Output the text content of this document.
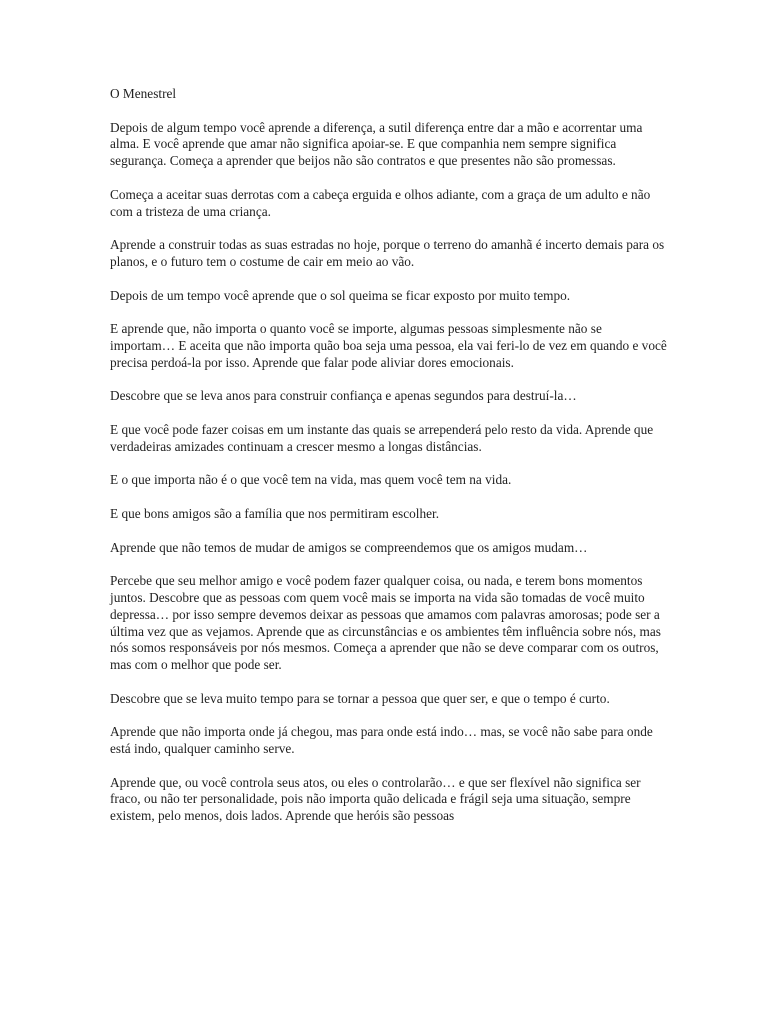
O Menestrel

Depois de algum tempo você aprende a diferença, a sutil diferença entre dar a mão e acorrentar uma alma. E você aprende que amar não significa apoiar-se. E que companhia nem sempre significa segurança. Começa a aprender que beijos não são contratos e que presentes não são promessas.

Começa a aceitar suas derrotas com a cabeça erguida e olhos adiante, com a graça de um adulto e não com a tristeza de uma criança.

Aprende a construir todas as suas estradas no hoje, porque o terreno do amanhã é incerto demais para os planos, e o futuro tem o costume de cair em meio ao vão.

Depois de um tempo você aprende que o sol queima se ficar exposto por muito tempo.

E aprende que, não importa o quanto você se importe, algumas pessoas simplesmente não se importam… E aceita que não importa quão boa seja uma pessoa, ela vai feri-lo de vez em quando e você precisa perdoá-la por isso. Aprende que falar pode aliviar dores emocionais.

Descobre que se leva anos para construir confiança e apenas segundos para destruí-la…

E que você pode fazer coisas em um instante das quais se arrependerá pelo resto da vida. Aprende que verdadeiras amizades continuam a crescer mesmo a longas distâncias.

E o que importa não é o que você tem na vida, mas quem você tem na vida.

E que bons amigos são a família que nos permitiram escolher.

Aprende que não temos de mudar de amigos se compreendemos que os amigos mudam…

Percebe que seu melhor amigo e você podem fazer qualquer coisa, ou nada, e terem bons momentos juntos. Descobre que as pessoas com quem você mais se importa na vida são tomadas de você muito depressa… por isso sempre devemos deixar as pessoas que amamos com palavras amorosas; pode ser a última vez que as vejamos. Aprende que as circunstâncias e os ambientes têm influência sobre nós, mas nós somos responsáveis por nós mesmos. Começa a aprender que não se deve comparar com os outros, mas com o melhor que pode ser.

Descobre que se leva muito tempo para se tornar a pessoa que quer ser, e que o tempo é curto.

Aprende que não importa onde já chegou, mas para onde está indo… mas, se você não sabe para onde está indo, qualquer caminho serve.

Aprende que, ou você controla seus atos, ou eles o controlarão… e que ser flexível não significa ser fraco, ou não ter personalidade, pois não importa quão delicada e frágil seja uma situação, sempre existem, pelo menos, dois lados. Aprende que heróis são pessoas
